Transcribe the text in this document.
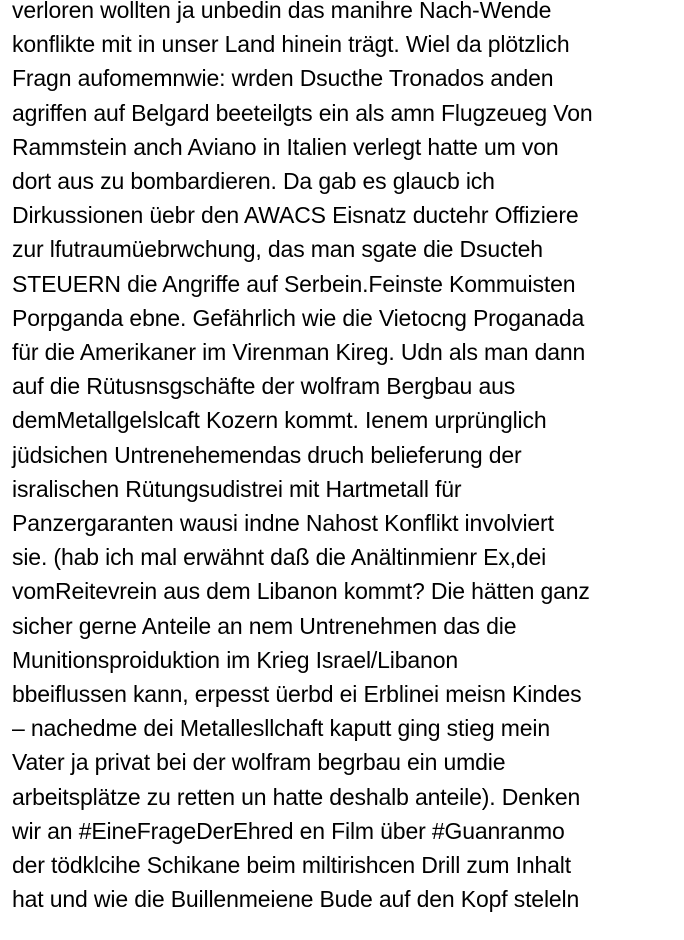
verloren wollten ja unbedin das manihre Nach-Wende
konflikte mit in unser Land hinein trägt. Wiel da plötzlich
Fragn aufomemnwie: wrden Dsucthe Tronados anden
agriffen auf Belgard beeteilgts ein als amn Flugzeueg Von
Rammstein anch Aviano in Italien verlegt hatte um von
dort aus zu bombardieren. Da gab es glaucb ich
Dirkussionen üebr den AWACS Eisnatz ductehr Offiziere
zur lfutraumüebrwchung, das man sgate die Dsucteh
STEUERN die Angriffe auf Serbein.Feinste Kommuisten
Porpganda ebne. Gefährlich wie die Vietocng Proganada
für die Amerikaner im Virenman Kireg. Udn als man dann
auf die Rütusnsgschäfte der wolfram Bergbau aus
demMetallgelslcaft Kozern kommt. Ienem urprünglich
jüdsichen Untrenehemendas druch belieferung der
isralischen Rütungsudistrei mit Hartmetall für
Panzergaranten wausi indne Nahost Konflikt involviert
sie. (hab ich mal erwähnt daß die Anältinmienr Ex,dei
vomReitevrein aus dem Libanon kommt? Die hätten ganz
sicher gerne Anteile an nem Untrenehmen das die
Munitionsproiduktion im Krieg Israel/Libanon
bbeiflussen kann, erpesst üerbd ei Erblinei meisn Kindes
– nachedme dei Metallesllchaft kaputt ging stieg mein
Vater ja privat bei der wolfram begrbau ein umdie
arbeitsplätze zu retten un hatte deshalb anteile). Denken
wir an #EineFrageDerEhred en Film über #Guanranmo
der tödklcihe Schikane beim miltirishcen Drill zum Inhalt
hat und wie die Buillenmeiene Bude auf den Kopf steleln
